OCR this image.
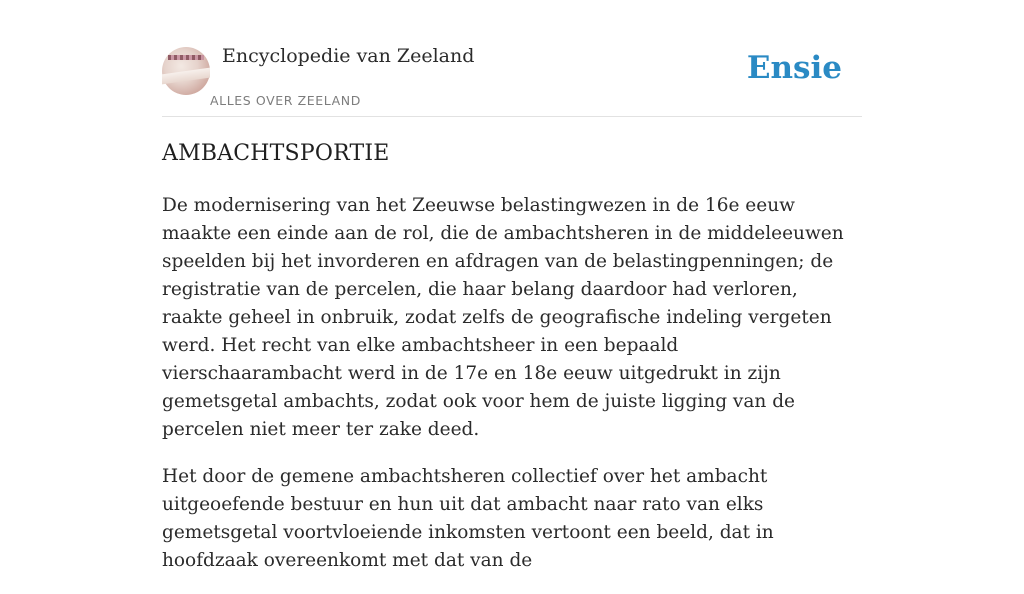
Encyclopedie van Zeeland
ALLES OVER ZEELAND
Ensie
AMBACHTSPORTIE

De modernisering van het Zeeuwse belastingwezen in de 16e eeuw maakte een einde aan de rol, die de ambachtsheren in de middeleeuwen speelden bij het invorderen en afdragen van de belastingpenningen; de registratie van de percelen, die haar belang daardoor had verloren, raakte geheel in onbruik, zodat zelfs de geografische indeling vergeten werd. Het recht van elke ambachtsheer in een bepaald vierschaarambacht werd in de 17e en 18e eeuw uitgedrukt in zijn gemetsgetal ambachts, zodat ook voor hem de juiste ligging van de percelen niet meer ter zake deed.

Het door de gemene ambachtsheren collectief over het ambacht uitgeoefende bestuur en hun uit dat ambacht naar rato van elks gemetsgetal voortvloeiende inkomsten vertoont een beeld, dat in hoofdzaak overeenkomt met dat van de
